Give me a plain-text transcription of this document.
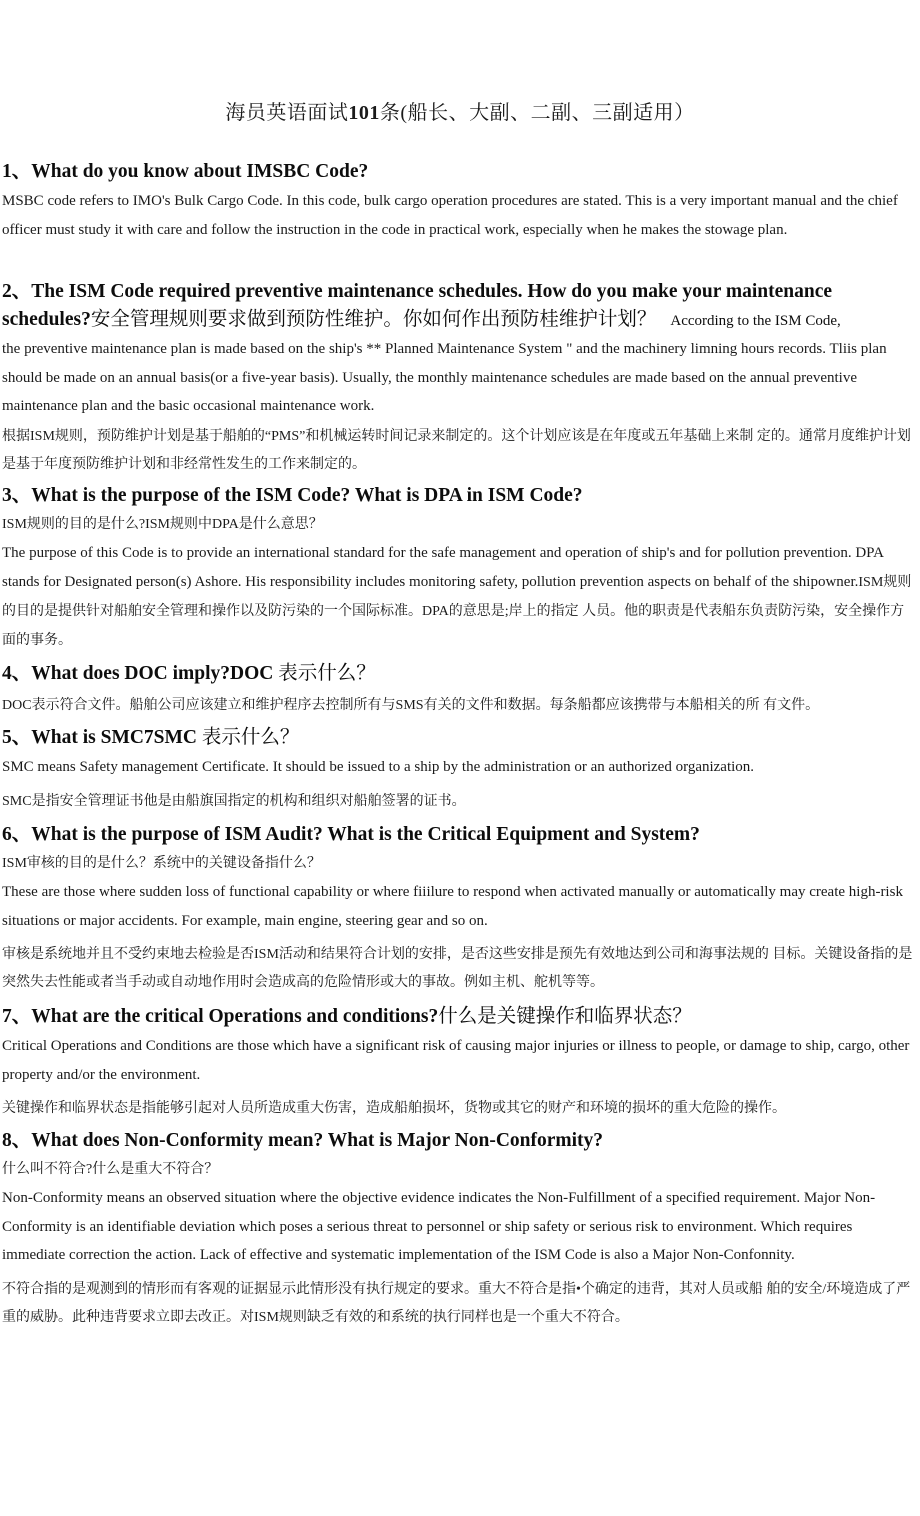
海员英语面试101条(船长、大副、二副、三副适用）
1、What do you know about IMSBC Code?
MSBC code refers to IMO's Bulk Cargo Code. In this code, bulk cargo operation procedures are stated. This is a very important manual and the chief officer must study it with care and follow the instruction in the code in practical work, especially when he makes the stowage plan.
2、The ISM Code required preventive maintenance schedules. How do you make your maintenance schedules?安全管理规则要求做到预防性维护。你如何作出预防桂维护计划？ According to the ISM Code,
the preventive maintenance plan is made based on the ship's ** Planned Maintenance System " and the machinery limning hours records. Tliis plan should be made on an annual basis(or a five-year basis). Usually, the monthly maintenance schedules are made based on the annual preventive maintenance plan and the basic occasional maintenance work.
根据ISM规则，预防维护计划是基于船舶的“PMS”和机械运转时间记录来制定的。这个计划应该是在年度或五年基础上来制 定的。通常月度维护计划是基于年度预防维护计划和非经常性发生的工作来制定的。
3、What is the purpose of the ISM Code? What is DPA in ISM Code?
ISM规则的目的是什么?ISM规则中DPA是什么意思？
The purpose of this Code is to provide an international standard for the safe management and operation of ship's and for pollution prevention. DPA stands for Designated person(s) Ashore. His responsibility includes monitoring safety, pollution prevention aspects on behalf of the shipowner.ISM规则的目的是提供针对船舶安全管理和操作以及防污染的一个国际标准。DPA的意思是;岸上的指定 人员。他的职责是代表船东负责防污染，安全操作方面的事务。
4、What does DOC imply?DOC 表示什么？
DOC表示符合文件。船舶公司应该建立和维护程序去控制所有与SMS有关的文件和数据。每条船都应该携带与本船相关的所 有文件。
5、What is SMC7SMC 表示什么？
SMC means Safety management Certificate. It should be issued to a ship by the administration or an authorized organization.
SMC是指安全管理证书他是由船旗国指定的机构和组织对船舶签署的证书。
6、What is the purpose of ISM Audit? What is the Critical Equipment and System?
ISM审核的目的是什么？系统中的关键设备指什么？
These are those where sudden loss of functional capability or where fiiilure to respond when activated manually or automatically may create high-risk situations or major accidents. For example, main engine, steering gear and so on.
审核是系统地并且不受约束地去检验是否ISM活动和结果符合计划的安排，是否这些安排是预先有效地达到公司和海事法规的 目标。关键设备指的是突然失去性能或者当手动或自动地作用时会造成高的危险情形或大的事故。例如主机、舵机等等。
7、What are the critical Operations and conditions?什么是关键操作和临界状态？
Critical Operations and Conditions are those which have a significant risk of causing major injuries or illness to people, or damage to ship, cargo, other property and/or the environment.
关键操作和临界状态是指能够引起对人员所造成重大伤害，造成船舶损坏，货物或其它的财产和环境的损坏的重大危险的操作。
8、What does Non-Conformity mean? What is Major Non-Conformity?
什么叫不符合?什么是重大不符合？
Non-Conformity means an observed situation where the objective evidence indicates the Non-Fulfillment of a specified requirement. Major Non-Conformity is an identifiable deviation which poses a serious threat to personnel or ship safety or serious risk to environment. Which requires immediate correction the action. Lack of effective and systematic implementation of the ISM Code is also a Major Non-Confonnity.
不符合指的是观测到的情形而有客观的证据显示此情形没有执行规定的要求。重大不符合是指•个确定的违背，其对人员或船 舶的安全/环境造成了严重的威胁。此种违背要求立即去改正。对ISM规则缺乏有效的和系统的执行同样也是一个重大不符合。
